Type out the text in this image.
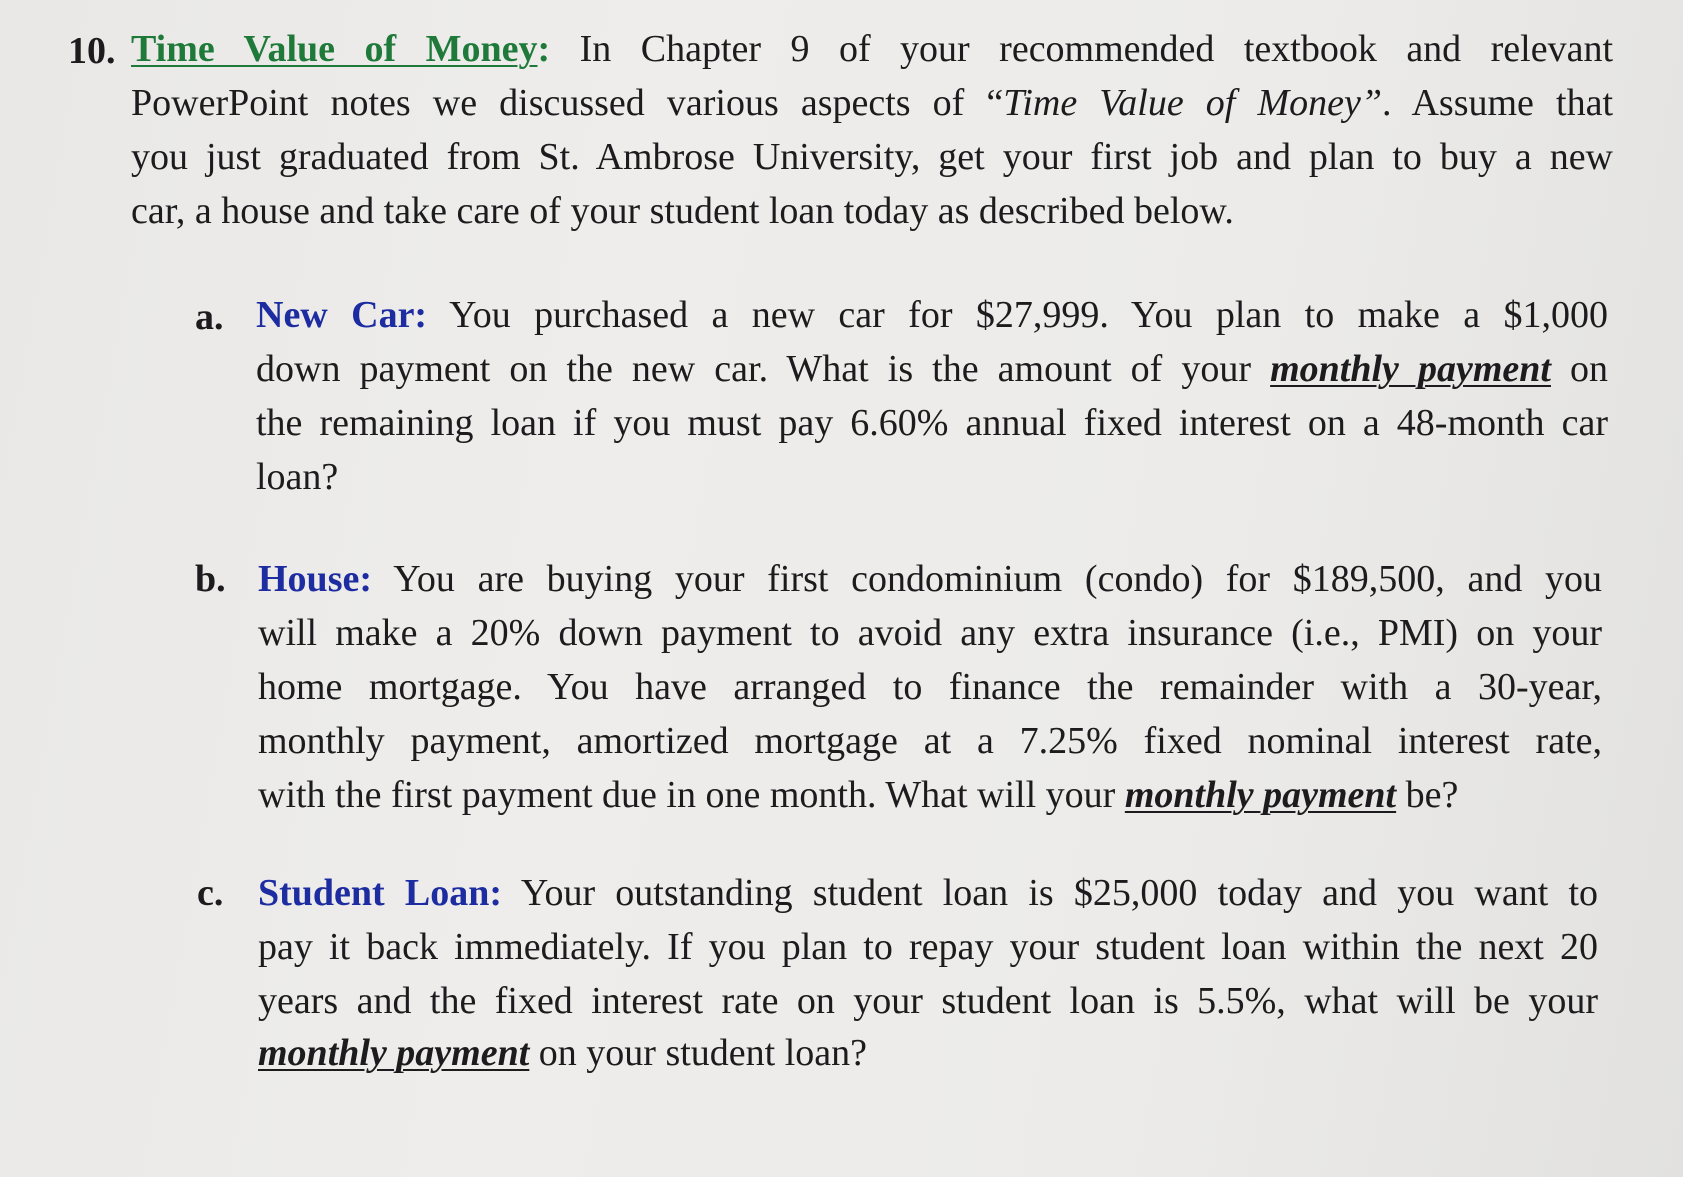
10. Time Value of Money: In Chapter 9 of your recommended textbook and relevant
PowerPoint notes we discussed various aspects of “Time Value of Money”. Assume that
you just graduated from St. Ambrose University, get your first job and plan to buy a new
car, a house and take care of your student loan today as described below.
a. New Car: You purchased a new car for $27,999. You plan to make a $1,000
down payment on the new car. What is the amount of your monthly payment on
the remaining loan if you must pay 6.60% annual fixed interest on a 48-month car
loan?
b. House: You are buying your first condominium (condo) for $189,500, and you
will make a 20% down payment to avoid any extra insurance (i.e., PMI) on your
home mortgage. You have arranged to finance the remainder with a 30-year,
monthly payment, amortized mortgage at a 7.25% fixed nominal interest rate,
with the first payment due in one month. What will your monthly payment be?
c. Student Loan: Your outstanding student loan is $25,000 today and you want to
pay it back immediately. If you plan to repay your student loan within the next 20
years and the fixed interest rate on your student loan is 5.5%, what will be your
monthly payment on your student loan?
